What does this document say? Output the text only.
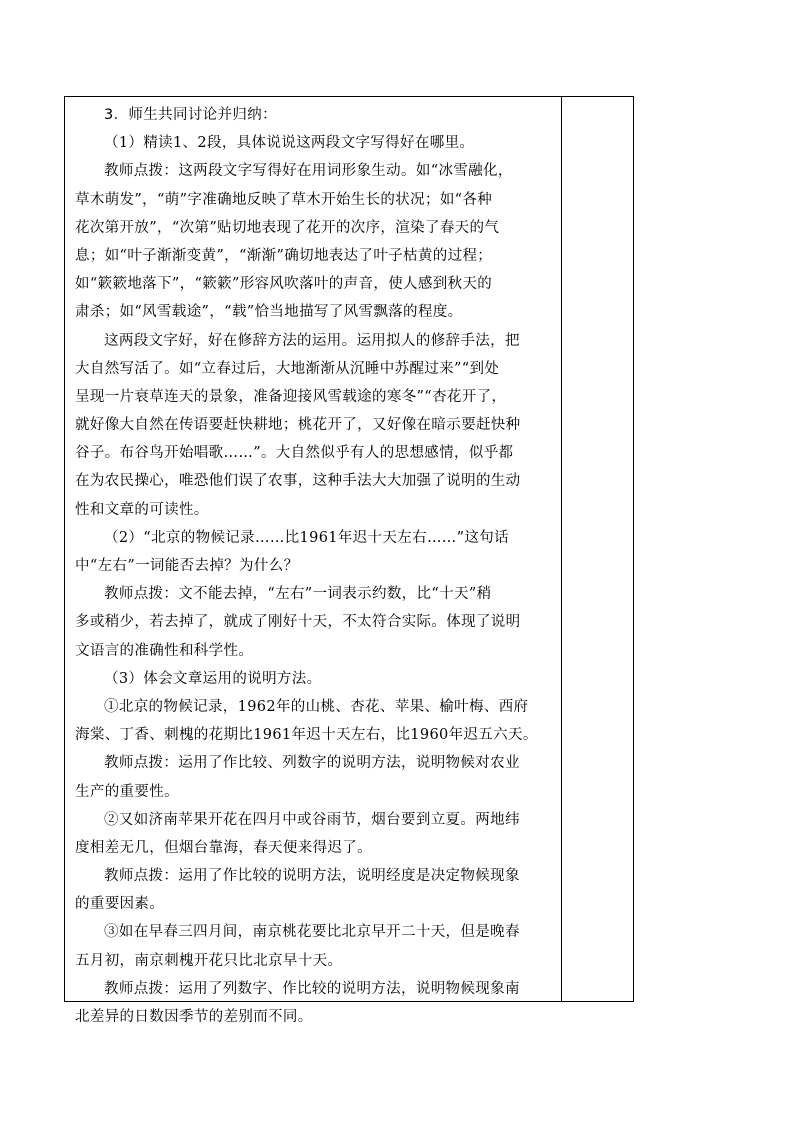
3．师生共同讨论并归纳：
（1）精读1、2段，具体说说这两段文字写得好在哪里。
教师点拨：这两段文字写得好在用词形象生动。如“冰雪融化，
草木萌发”，“萌”字准确地反映了草木开始生长的状况；如“各种
花次第开放”，“次第”贴切地表现了花开的次序，渲染了春天的气
息；如“叶子渐渐变黄”，“渐渐”确切地表达了叶子枯黄的过程；
如“簌簌地落下”，“簌簌”形容风吹落叶的声音，使人感到秋天的
肃杀；如“风雪载途”，“载”恰当地描写了风雪飘落的程度。
这两段文字好，好在修辞方法的运用。运用拟人的修辞手法，把
大自然写活了。如“立春过后，大地渐渐从沉睡中苏醒过来”“到处
呈现一片衰草连天的景象，准备迎接风雪载途的寒冬”“杏花开了，
就好像大自然在传语要赶快耕地；桃花开了，又好像在暗示要赶快种
谷子。布谷鸟开始唱歌……”。大自然似乎有人的思想感情，似乎都
在为农民操心，唯恐他们误了农事，这种手法大大加强了说明的生动
性和文章的可读性。
（2）“北京的物候记录……比1961年迟十天左右……”这句话
中“左右”一词能否去掉？为什么？
教师点拨：文不能去掉，“左右”一词表示约数，比“十天”稍
多或稍少，若去掉了，就成了刚好十天，不太符合实际。体现了说明
文语言的准确性和科学性。
（3）体会文章运用的说明方法。
①北京的物候记录，1962年的山桃、杏花、苹果、榆叶梅、西府
海棠、丁香、刺槐的花期比1961年迟十天左右，比1960年迟五六天。
教师点拨：运用了作比较、列数字的说明方法，说明物候对农业
生产的重要性。
②又如济南苹果开花在四月中或谷雨节，烟台要到立夏。两地纬
度相差无几，但烟台靠海，春天便来得迟了。
教师点拨：运用了作比较的说明方法，说明经度是决定物候现象
的重要因素。
③如在早春三四月间，南京桃花要比北京早开二十天，但是晚春
五月初，南京刺槐开花只比北京早十天。
教师点拨：运用了列数字、作比较的说明方法，说明物候现象南
北差异的日数因季节的差别而不同。
